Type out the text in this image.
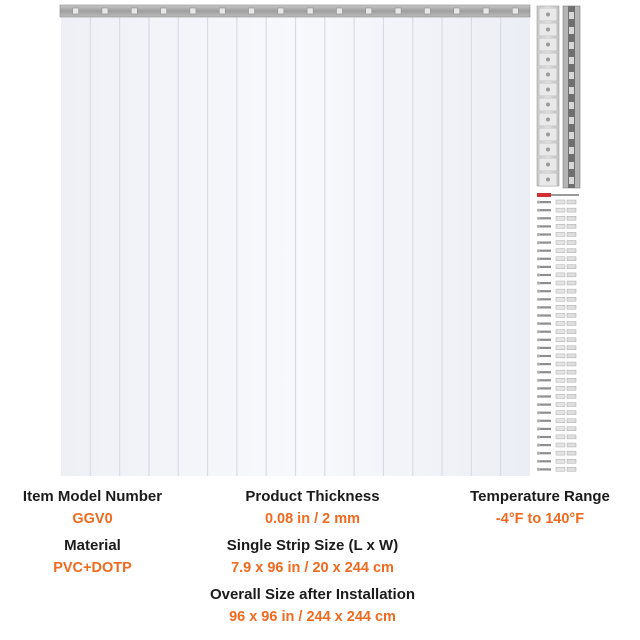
Item Model Number
GGV0
Product Thickness
0.08 in / 2 mm
Temperature Range
-4°F to 140°F
Material
PVC+DOTP
Single Strip Size (L x W)
7.9 x 96 in / 20 x 244 cm
Overall Size after Installation
96 x 96 in / 244 x 244 cm
